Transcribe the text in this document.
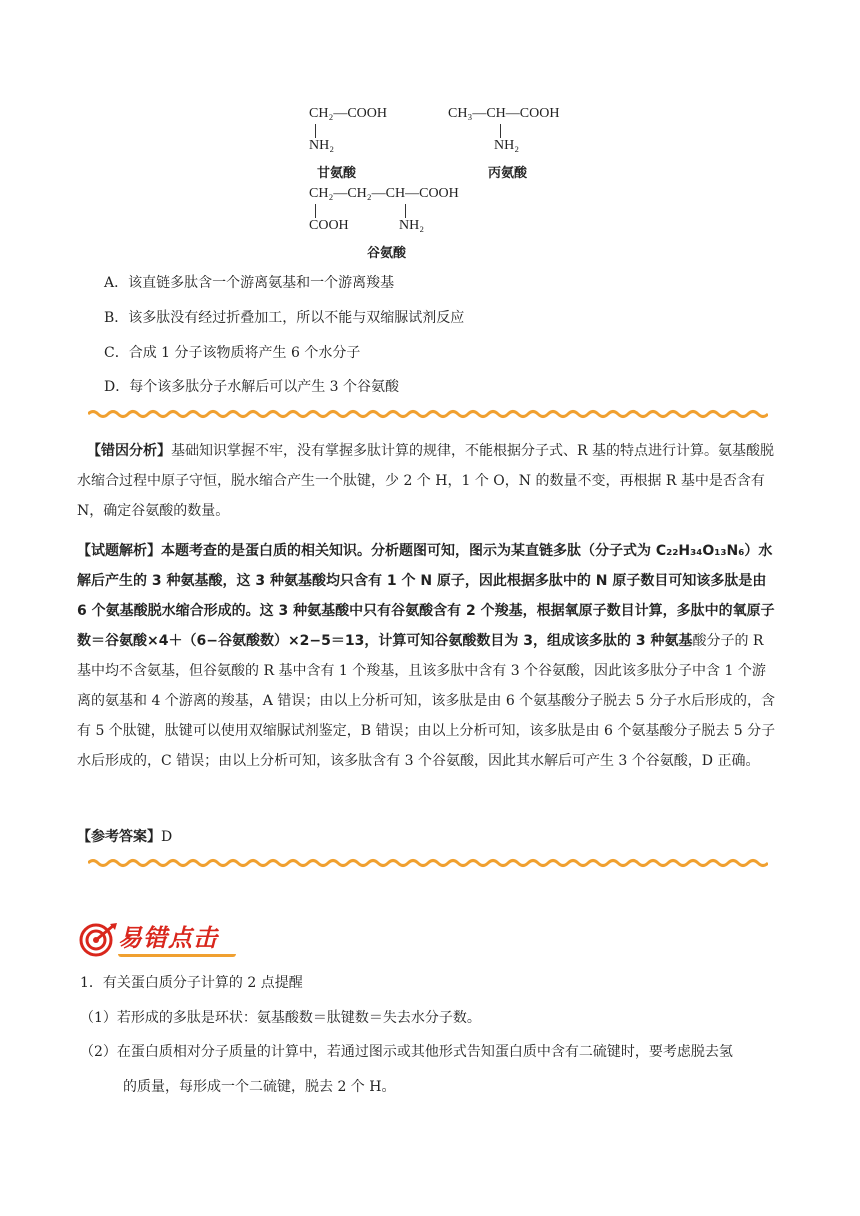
CH₂—COOH
NH₂
甘氨酸
CH₃—CH—COOH
NH₂
丙氨酸
CH₂—CH₂—CH—COOH
COOH	NH₂
谷氨酸
A．该直链多肽含一个游离氨基和一个游离羧基
B．该多肽没有经过折叠加工，所以不能与双缩脲试剂反应
C．合成 1 分子该物质将产生 6 个水分子
D．每个该多肽分子水解后可以产生 3 个谷氨酸
【错因分析】基础知识掌握不牢，没有掌握多肽计算的规律，不能根据分子式、R 基的特点进行计算。氨基酸脱水缩合过程中原子守恒，脱水缩合产生一个肽键，少 2 个 H，1 个 O，N 的数量不变，再根据 R 基中是否含有 N，确定谷氨酸的数量。
【试题解析】本题考查的是蛋白质的相关知识。分析题图可知，图示为某直链多肽（分子式为 C₂₂H₃₄O₁₃N₆）水解后产生的 3 种氨基酸，这 3 种氨基酸均只含有 1 个 N 原子，因此根据多肽中的 N 原子数目可知该多肽是由 6 个氨基酸脱水缩合形成的。这 3 种氨基酸中只有谷氨酸含有 2 个羧基，根据氧原子数目计算，多肽中的氧原子数＝谷氨酸×4＋（6−谷氨酸数）×2−5＝13，计算可知谷氨酸数目为 3，组成该多肽的 3 种氨基酸分子的 R 基中均不含氨基，但谷氨酸的 R 基中含有 1 个羧基，且该多肽中含有 3 个谷氨酸，因此该多肽分子中含 1 个游离的氨基和 4 个游离的羧基，A 错误；由以上分析可知，该多肽是由 6 个氨基酸分子脱去 5 分子水后形成的，含有 5 个肽键，肽键可以使用双缩脲试剂鉴定，B 错误；由以上分析可知，该多肽是由 6 个氨基酸分子脱去 5 分子水后形成的，C 错误；由以上分析可知，该多肽含有 3 个谷氨酸，因此其水解后可产生 3 个谷氨酸，D 正确。
【参考答案】D
易错点击
1．有关蛋白质分子计算的 2 点提醒
（1）若形成的多肽是环状：氨基酸数＝肽键数＝失去水分子数。
（2）在蛋白质相对分子质量的计算中，若通过图示或其他形式告知蛋白质中含有二硫键时，要考虑脱去氢
的质量，每形成一个二硫键，脱去 2 个 H。
